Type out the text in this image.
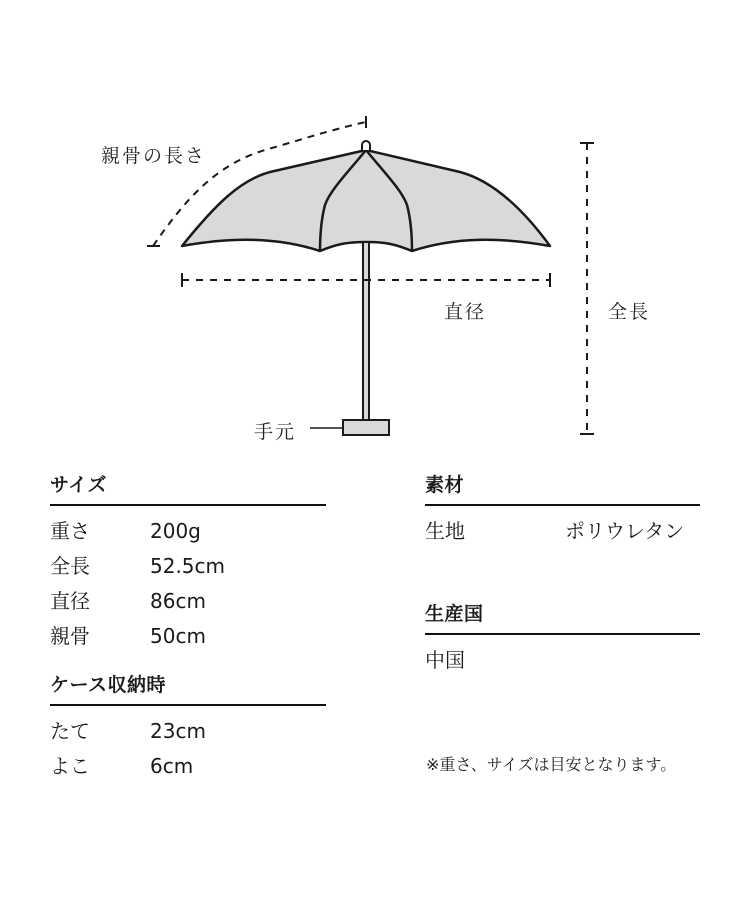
親骨の長さ
直径	全長
手元
サイズ
重さ	200g
全長	52.5cm
直径	86cm
親骨	50cm
ケース収納時
たて	23cm
よこ	6cm
素材
生地	ポリウレタン
生産国
中国
※重さ、サイズは目安となります。
